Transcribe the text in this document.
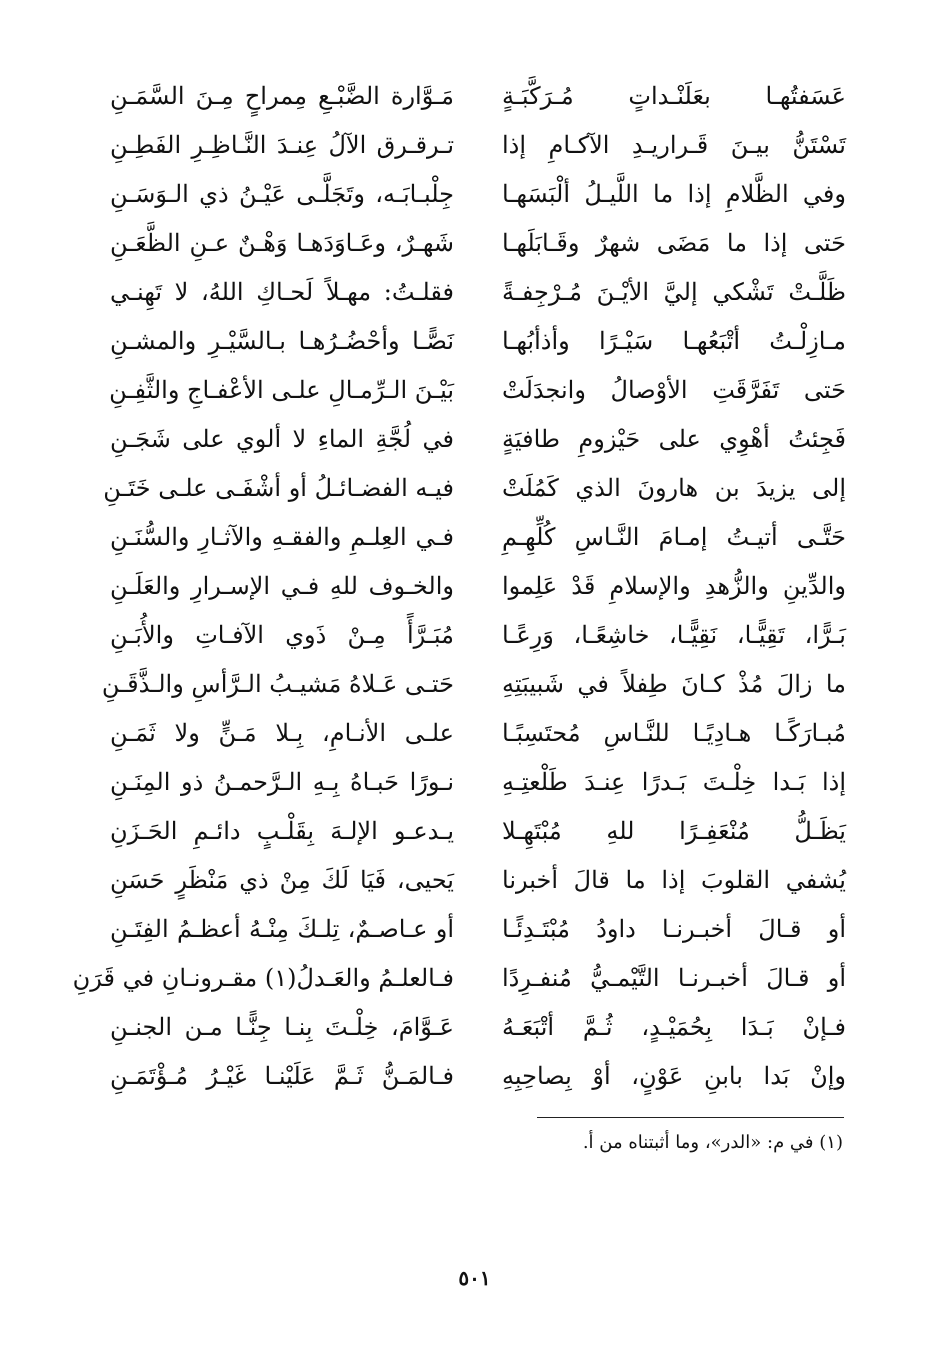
عَسَفتُهـا بعَلَنْـداتٍ مُـرَكَّبَـةٍ
مَـوَّارة الضَّبْـعِ مِمراحٍ مِـنَ السَّمَـنِ
تَسْتَنُّ بيـنَ قَـراريـدِ الآكـامِ إذا
تـرقـرق الآلُ عِنـدَ النَّـاظِـرِ الفَطِـنِ
وفي الظَّلامِ إذا ما اللَّيـلُ ألْبَسَهـا
جِلْبـابَـه، وتَجَلَّـى عَيْـنُ ذي الـوَسَـنِ
حَتى إذا ما مَضَى شهرٌ وقَـابَلَهـا
شَهـرٌ، وعَـاوَدَهـا وَهْـنٌ عـنِ الظَّعَـنِ
ظَلَّـتْ تَشْكي إليَّ الأيْـنَ مُـرْجِفـةً
فقلـتُ: مهـلاً لَحـاكِ اللهُ، لا تَهِنـي
مـازِلْـتُ أتْبَعُهـا سَيْـرًا وأذأبُهـا
نَصًّـا وأحْضُـرُهـا بـالسَّيْـرِ والمشـنِ
حَتى تَفَرَّقَتِ الأوْصالُ وانجدَلَتْ
بَيْـنَ الـرِّمـالِ علـى الأعْفـاجِ والثَّفِـنِ
فَجِئتُ أهْوِي على حَيْزومِ طافيَةٍ
في لُجَّةِ الماءِ لا ألوي على شَجَـنِ
إلى يزيدَ بن هارونَ الذي كَمُلَتْ
فيـه الفضـائـلُ أو أشْفَـى علـى خَتَـنِ
حَتَّـى أتيـتُ إمـامَ النَّـاسِ كُلِّهِـمِ
فـي العِلـمِ والفقـهِ والآثـارِ والسُّنَـنِ
والدِّينِ والزُّهدِ والإسلامِ قَدْ عَلِموا
والخـوف للهِ فـي الإسـرارِ والعَلَـنِ
بَـرًّا، تَقِيًّـا، نَقِيًّـا، خاشِعًـا، وَرِعًـا
مُبَـرَّأً مِـنْ ذَوي الآفـاتِ والأُبَـنِ
ما زالَ مُذْ كـانَ طِفلاً في شَبيبَتِهِ
حَتـى عَـلاهُ مَشيـبُ الـرَّأسِ والـذَّقَـنِ
مُبـارَكًـا هـادِيًـا للنَّـاسِ مُحتَسِبًـا
علـى الأنـامِ، بِـلا مَـنٍّ ولا ثَمَـنِ
إذا بَـدا خِلْـتَ بَـدرًا عِنـدَ طَلْعتِـهِ
نـورًا حَبـاهُ بِـهِ الـرَّحمـنُ ذو المِنَـنِ
يَظَـلُّ مُنْعَفِـرًا للهِ مُبْتَهِـلا
يـدعـو الإلـهَ بِقَلْـبٍ دائـمِ الحَـزَنِ
يُشفي القلوبَ إذا ما قالَ أخبرنا
يَحيى، فَيَا لَكَ مِنْ ذي مَنْظَرٍ حَسَنِ
أو قـالَ أخبـرنـا داودُ مُبْتَـدِئًـا
أو عـاصـمٌ، تِلـكَ مِنْـهُ أعظـمُ الفِتَـنِ
أو قـالَ أخبـرنـا التَّيْمـيُّ مُنفـرِدًا
فـالعلـمُ والعَـدلُ(١) مقـرونـانِ في قَرَنِ
فـإنْ بَـدَا بِحُمَيْـدٍ، ثُـمَّ أتْبَعَـهُ
عَـوَّامَ، خِلْـتَ بِنـا جِنًّـا مـن الجنـنِ
وإنْ بَدا بابنِ عَوْنٍ، أوْ بِصاحِبِهِ
فـالمَـنُّ ثَـمَّ عَلَيْنـا غَيْـرُ مُـؤْتَمَـنِ
(١) في م: «الدر»، وما أثبتناه من أ.
٥٠١
